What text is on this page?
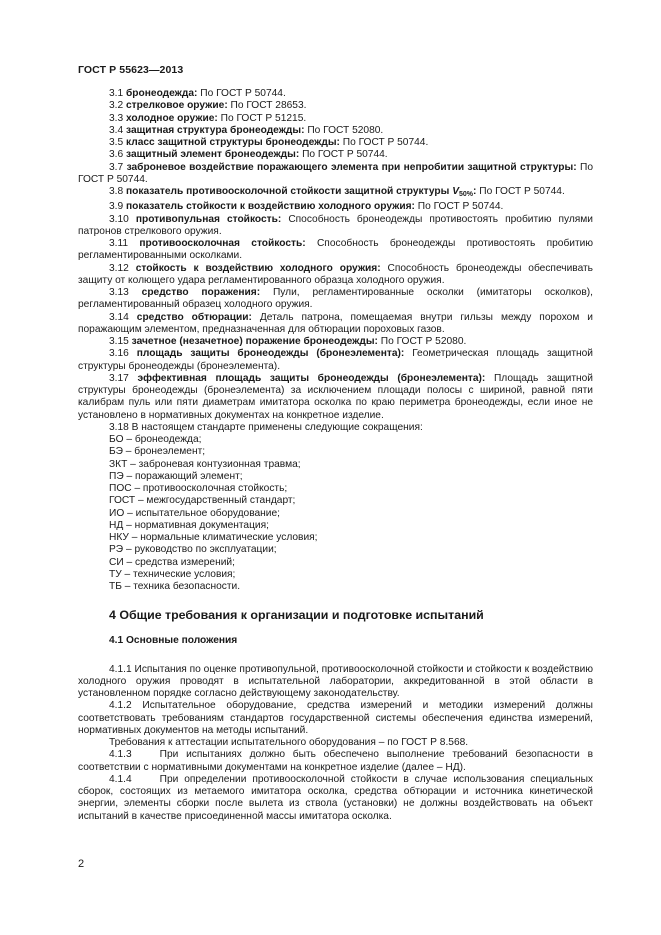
ГОСТ Р 55623—2013

3.1 бронеодежда: По ГОСТ Р 50744.

3.2 стрелковое оружие: По ГОСТ 28653.

3.3 холодное оружие: По ГОСТ Р 51215.

3.4 защитная структура бронеодежды: По ГОСТ 52080.

3.5 класс защитной структуры бронеодежды: По ГОСТ Р 50744.

3.6 защитный элемент бронеодежды: По ГОСТ Р 50744.

3.7 заброневое воздействие поражающего элемента при непробитии защитной структуры: По ГОСТ Р 50744.

3.8 показатель противоосколочной стойкости защитной структуры $V_{50\%}$: По ГОСТ Р 50744.

3.9 показатель стойкости к воздействию холодного оружия: По ГОСТ Р 50744.

3.10 противопульная стойкость: Способность бронеодежды противостоять пробитию пулями патронов стрелкового оружия.

3.11 противоосколочная стойкость: Способность бронеодежды противостоять пробитию регламентированными осколками.

3.12 стойкость к воздействию холодного оружия: Способность бронеодежды обеспечивать защиту от колющего удара регламентированного образца холодного оружия.

3.13 средство поражения: Пули, регламентированные осколки (имитаторы осколков), регламентированный образец холодного оружия.

3.14 средство обтюрации: Деталь патрона, помещаемая внутри гильзы между порохом и поражающим элементом, предназначенная для обтюрации пороховых газов.

3.15 зачетное (незачетное) поражение бронеодежды: По ГОСТ Р 52080.

3.16 площадь защиты бронеодежды (бронеэлемента): Геометрическая площадь защитной структуры бронеодежды (бронеэлемента).

3.17 эффективная площадь защиты бронеодежды (бронеэлемента): Площадь защитной структуры бронеодежды (бронеэлемента) за исключением площади полосы с шириной, равной пяти калибрам пуль или пяти диаметрам имитатора осколка по краю периметра бронеодежды, если иное не установлено в нормативных документах на конкретное изделие.

3.18 В настоящем стандарте применены следующие сокращения:

БО – бронеодежда;

БЭ – бронеэлемент;

ЗКТ – заброневая контузионная травма;

ПЭ – поражающий элемент;

ПОС – противоосколочная стойкость;

ГОСТ – межгосударственный стандарт;

ИО – испытательное оборудование;

НД – нормативная документация;

НКУ – нормальные климатические условия;

РЭ – руководство по эксплуатации;

СИ – средства измерений;

ТУ – технические условия;

ТБ – техника безопасности.

4 Общие требования к организации и подготовке испытаний

4.1 Основные положения

4.1.1 Испытания по оценке противопульной, противоосколочной стойкости и стойкости к воздействию холодного оружия проводят в испытательной лаборатории, аккредитованной в этой области в установленном порядке согласно действующему законодательству.

4.1.2 Испытательное оборудование, средства измерений и методики измерений должны соответствовать требованиям стандартов государственной системы обеспечения единства измерений, нормативных документов на методы испытаний.

Требования к аттестации испытательного оборудования – по ГОСТ Р 8.568.

4.1.3	При испытаниях должно быть обеспечено выполнение требований безопасности в соответствии с нормативными документами на конкретное изделие (далее – НД).

4.1.4	При определении противоосколочной стойкости в случае использования специальных сборок, состоящих из метаемого имитатора осколка, средства обтюрации и источника кинетической энергии, элементы сборки после вылета из ствола (установки) не должны воздействовать на объект испытаний в качестве присоединенной массы имитатора осколка.

2
